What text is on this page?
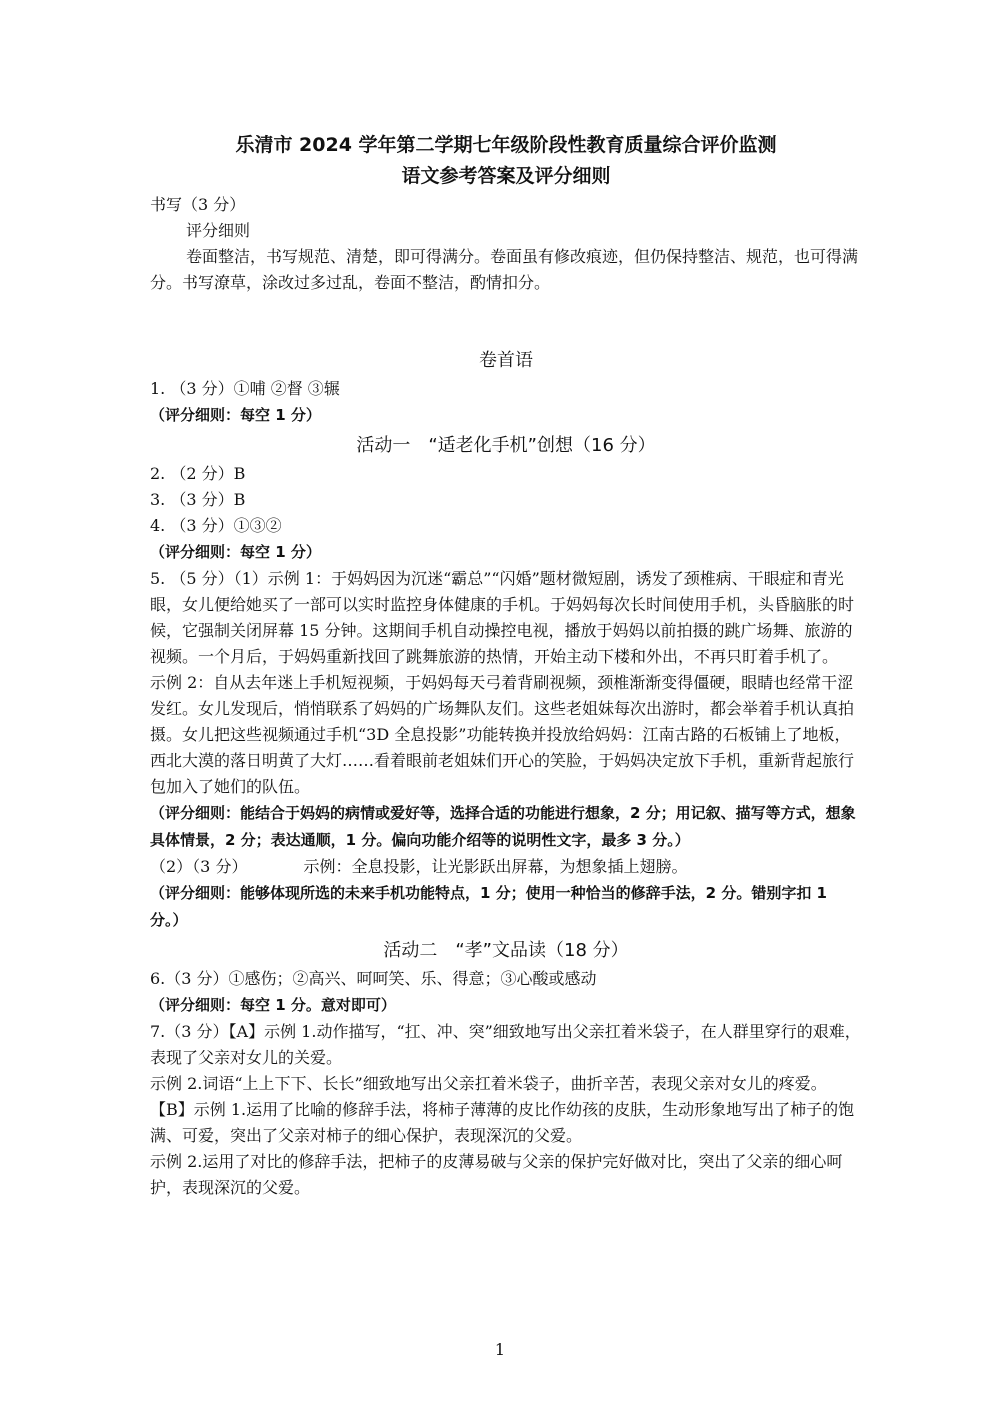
乐清市 2024 学年第二学期七年级阶段性教育质量综合评价监测

语文参考答案及评分细则

书写（3 分）

评分细则

卷面整洁，书写规范、清楚，即可得满分。卷面虽有修改痕迹，但仍保持整洁、规范，也可得满分。书写潦草，涂改过多过乱，卷面不整洁，酌情扣分。

卷首语

1. （3 分）①哺 ②督 ③辗

（评分细则：每空 1 分）

活动一　“适老化手机”创想（16 分）

2. （2 分）B

3. （3 分）B

4. （3 分）①③②

（评分细则：每空 1 分）

5. （5 分）（1）示例 1：于妈妈因为沉迷“霸总”“闪婚”题材微短剧，诱发了颈椎病、干眼症和青光眼，女儿便给她买了一部可以实时监控身体健康的手机。于妈妈每次长时间使用手机，头昏脑胀的时候，它强制关闭屏幕 15 分钟。这期间手机自动操控电视，播放于妈妈以前拍摄的跳广场舞、旅游的视频。一个月后，于妈妈重新找回了跳舞旅游的热情，开始主动下楼和外出，不再只盯着手机了。

示例 2：自从去年迷上手机短视频，于妈妈每天弓着背刷视频，颈椎渐渐变得僵硬，眼睛也经常干涩发红。女儿发现后，悄悄联系了妈妈的广场舞队友们。这些老姐妹每次出游时，都会举着手机认真拍摄。女儿把这些视频通过手机“3D 全息投影”功能转换并投放给妈妈：江南古路的石板铺上了地板，西北大漠的落日明黄了大灯……看着眼前老姐妹们开心的笑脸，于妈妈决定放下手机，重新背起旅行包加入了她们的队伍。

（评分细则：能结合于妈妈的病情或爱好等，选择合适的功能进行想象，2 分；用记叙、描写等方式，想象具体情景，2 分；表达通顺，1 分。偏向功能介绍等的说明性文字，最多 3 分。）

（2）（3 分）　　　　示例：全息投影，让光影跃出屏幕，为想象插上翅膀。

（评分细则：能够体现所选的未来手机功能特点，1 分；使用一种恰当的修辞手法，2 分。错别字扣 1 分。）

活动二　“孝”文品读（18 分）

6.（3 分）①感伤；②高兴、呵呵笑、乐、得意；③心酸或感动

（评分细则：每空 1 分。意对即可）

7.（3 分）【A】示例 1.动作描写，“扛、冲、突”细致地写出父亲扛着米袋子，在人群里穿行的艰难，表现了父亲对女儿的关爱。

示例 2.词语“上上下下、长长”细致地写出父亲扛着米袋子，曲折辛苦，表现父亲对女儿的疼爱。

【B】示例 1.运用了比喻的修辞手法，将柿子薄薄的皮比作幼孩的皮肤，生动形象地写出了柿子的饱满、可爱，突出了父亲对柿子的细心保护，表现深沉的父爱。

示例 2.运用了对比的修辞手法，把柿子的皮薄易破与父亲的保护完好做对比，突出了父亲的细心呵护，表现深沉的父爱。

1
